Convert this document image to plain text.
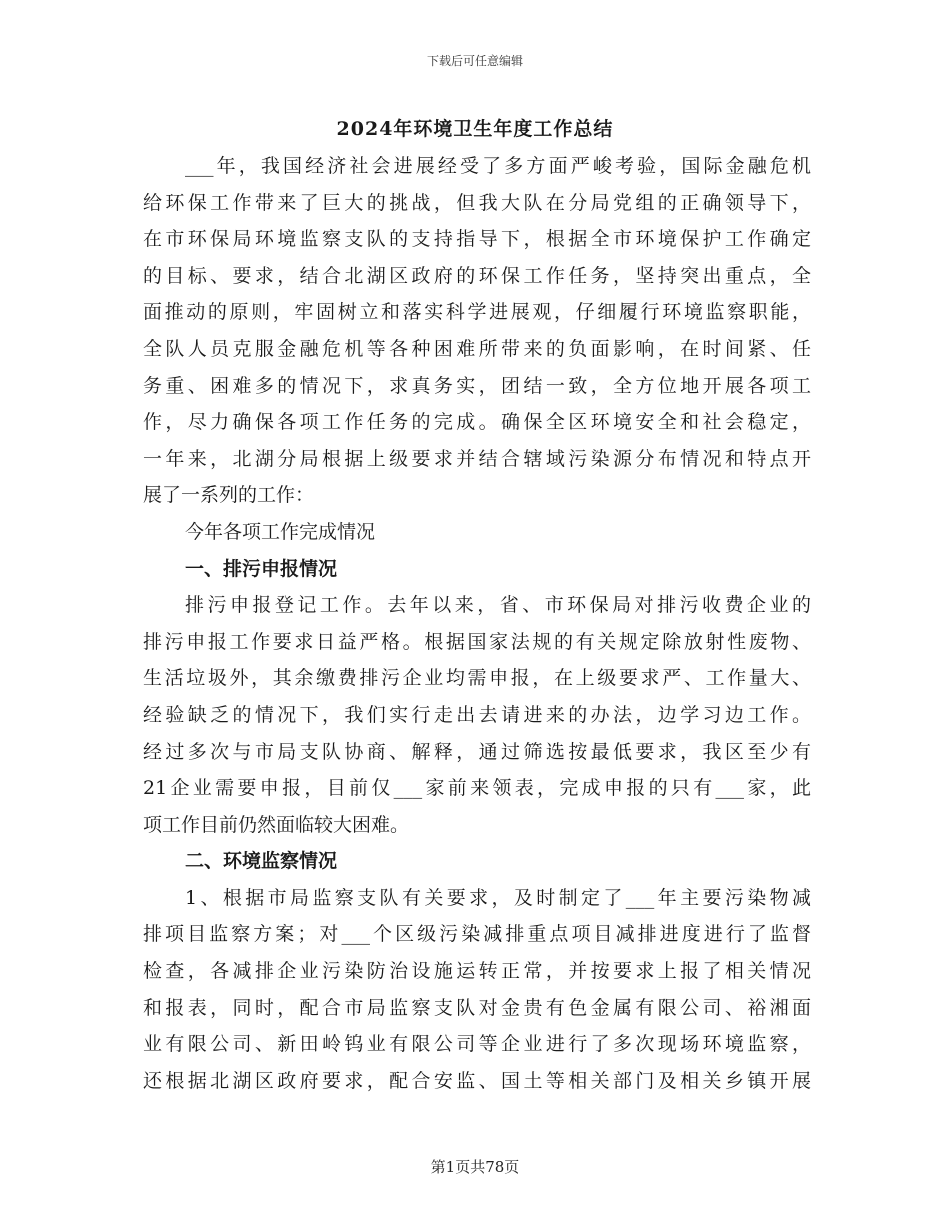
下载后可任意编辑
2024年环境卫生年度工作总结
___年，我国经济社会进展经受了多方面严峻考验，国际金融危机
给环保工作带来了巨大的挑战，但我大队在分局党组的正确领导下，
在市环保局环境监察支队的支持指导下，根据全市环境保护工作确定
的目标、要求，结合北湖区政府的环保工作任务，坚持突出重点，全
面推动的原则，牢固树立和落实科学进展观，仔细履行环境监察职能，
全队人员克服金融危机等各种困难所带来的负面影响，在时间紧、任
务重、困难多的情况下，求真务实，团结一致，全方位地开展各项工
作，尽力确保各项工作任务的完成。确保全区环境安全和社会稳定，
一年来，北湖分局根据上级要求并结合辖域污染源分布情况和特点开
展了一系列的工作：
今年各项工作完成情况
一、排污申报情况
排污申报登记工作。去年以来，省、市环保局对排污收费企业的
排污申报工作要求日益严格。根据国家法规的有关规定除放射性废物、
生活垃圾外，其余缴费排污企业均需申报，在上级要求严、工作量大、
经验缺乏的情况下，我们实行走出去请进来的办法，边学习边工作。
经过多次与市局支队协商、解释，通过筛选按最低要求，我区至少有
21企业需要申报，目前仅___家前来领表，完成申报的只有___家，此
项工作目前仍然面临较大困难。
二、环境监察情况
1、根据市局监察支队有关要求，及时制定了___年主要污染物减
排项目监察方案；对___个区级污染减排重点项目减排进度进行了监督
检查，各减排企业污染防治设施运转正常，并按要求上报了相关情况
和报表，同时，配合市局监察支队对金贵有色金属有限公司、裕湘面
业有限公司、新田岭钨业有限公司等企业进行了多次现场环境监察，
还根据北湖区政府要求，配合安监、国土等相关部门及相关乡镇开展
第1页共78页
